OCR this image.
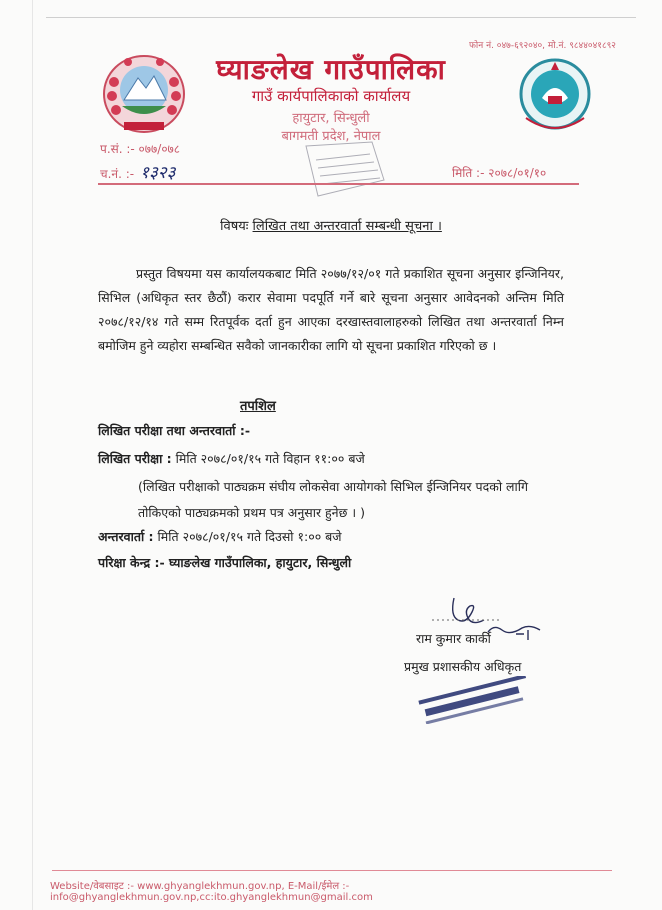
फोन नं. ०४७-६९२०४०, मो.नं. ९८४४०४१८९२
घ्याङलेख गाउँपालिका
गाउँ कार्यपालिकाको कार्यालय
हायुटार, सिन्धुली
बागमती प्रदेश, नेपाल
प.सं. :- ०७७/०७८
च.नं. :- १३२३	मिति :- २०७८/०१/१०
विषयः लिखित तथा अन्तरवार्ता सम्बन्धी सूचना ।
प्रस्तुत विषयमा यस कार्यालयकबाट मिति २०७७/१२/०१ गते प्रकाशित सूचना अनुसार इन्जिनियर, सिभिल (अधिकृत स्तर छैठौं) करार सेवामा पदपूर्ति गर्ने बारे सूचना अनुसार आवेदनको अन्तिम मिति २०७८/१२/१४ गते सम्म रितपूर्वक दर्ता हुन आएका दरखास्तवालाहरुको लिखित तथा अन्तरवार्ता निम्न बमोजिम हुने व्यहोरा सम्बन्धित सवैको जानकारीका लागि यो सूचना प्रकाशित गरिएको छ ।
तपशिल
लिखित परीक्षा तथा अन्तरवार्ता :-
लिखित परीक्षा : मिति २०७८/०१/१५ गते विहान ११:०० बजे
(लिखित परीक्षाको पाठ्यक्रम संघीय लोकसेवा आयोगको सिभिल ईन्जिनियर पदको लागि
तोकिएको पाठ्यक्रमको प्रथम पत्र अनुसार हुनेछ । )
अन्तरवार्ता : मिति २०७८/०१/१५ गते दिउसो १:०० बजे
परिक्षा केन्द्र :- घ्याङलेख गाउँपालिका, हायुटार, सिन्धुली
राम कुमार कार्की
प्रमुख प्रशासकीय अधिकृत
Website/वेबसाइट :- www.ghyanglekhmun.gov.np, E-Mail/ईमेल :- info@ghyanglekhmun.gov.np,cc:ito.ghyanglekhmun@gmail.com
